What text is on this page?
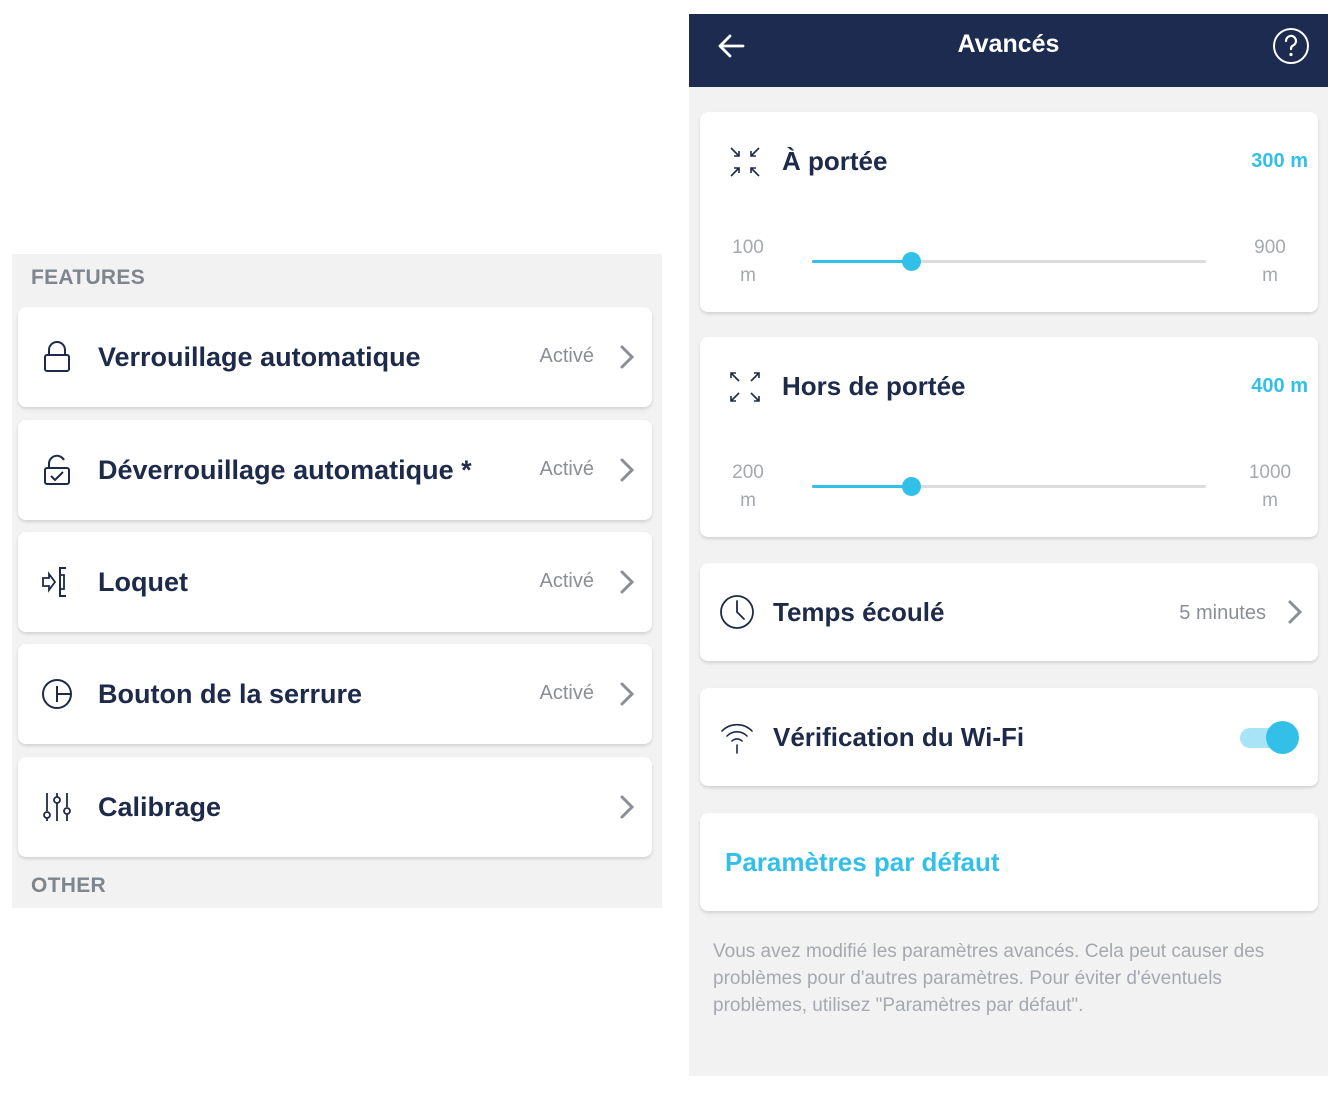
FEATURES
Verrouillage automatique	Activé
Déverrouillage automatique *	Activé
Loquet	Activé
Bouton de la serrure	Activé
Calibrage
OTHER
Avancés
À portée	300 m
100
m
900
m
Hors de portée	400 m
200
m
1000
m
Temps écoulé	5 minutes
Vérification du Wi-Fi
Paramètres par défaut
Vous avez modifié les paramètres avancés. Cela peut causer des problèmes pour d'autres paramètres. Pour éviter d'éventuels problèmes, utilisez "Paramètres par défaut".
